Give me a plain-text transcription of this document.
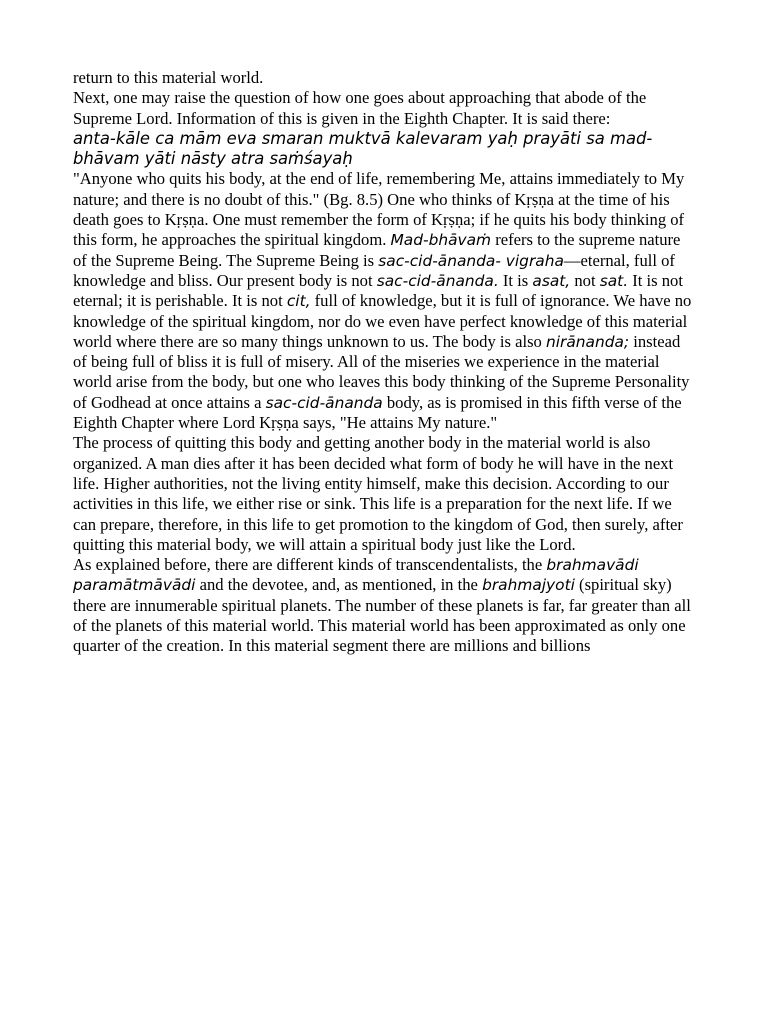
return to this material world.

Next, one may raise the question of how one goes about approaching that abode of the Supreme Lord. Information of this is given in the Eighth Chapter. It is said there:

anta-kāle ca mām eva smaran muktvā kalevaram yaḥ prayāti sa mad-bhāvam yāti nāsty atra saṁśayaḥ

"Anyone who quits his body, at the end of life, remembering Me, attains immediately to My nature; and there is no doubt of this." (Bg. 8.5) One who thinks of Kṛṣṇa at the time of his death goes to Kṛṣṇa. One must remember the form of Kṛṣṇa; if he quits his body thinking of this form, he approaches the spiritual kingdom. Mad-bhāvaṁ refers to the supreme nature of the Supreme Being. The Supreme Being is sac-cid-ānanda- vigraha—eternal, full of knowledge and bliss. Our present body is not sac-cid-ānanda. It is asat, not sat. It is not eternal; it is perishable. It is not cit, full of knowledge, but it is full of ignorance. We have no knowledge of the spiritual kingdom, nor do we even have perfect knowledge of this material world where there are so many things unknown to us. The body is also nirānanda; instead of being full of bliss it is full of misery. All of the miseries we experience in the material world arise from the body, but one who leaves this body thinking of the Supreme Personality of Godhead at once attains a sac-cid-ānanda body, as is promised in this fifth verse of the Eighth Chapter where Lord Kṛṣṇa says, "He attains My nature."

The process of quitting this body and getting another body in the material world is also organized. A man dies after it has been decided what form of body he will have in the next life. Higher authorities, not the living entity himself, make this decision. According to our activities in this life, we either rise or sink. This life is a preparation for the next life. If we can prepare, therefore, in this life to get promotion to the kingdom of God, then surely, after quitting this material body, we will attain a spiritual body just like the Lord.

As explained before, there are different kinds of transcendentalists, the brahmavādi paramātmāvādi and the devotee, and, as mentioned, in the brahmajyoti (spiritual sky) there are innumerable spiritual planets. The number of these planets is far, far greater than all of the planets of this material world. This material world has been approximated as only one quarter of the creation. In this material segment there are millions and billions
